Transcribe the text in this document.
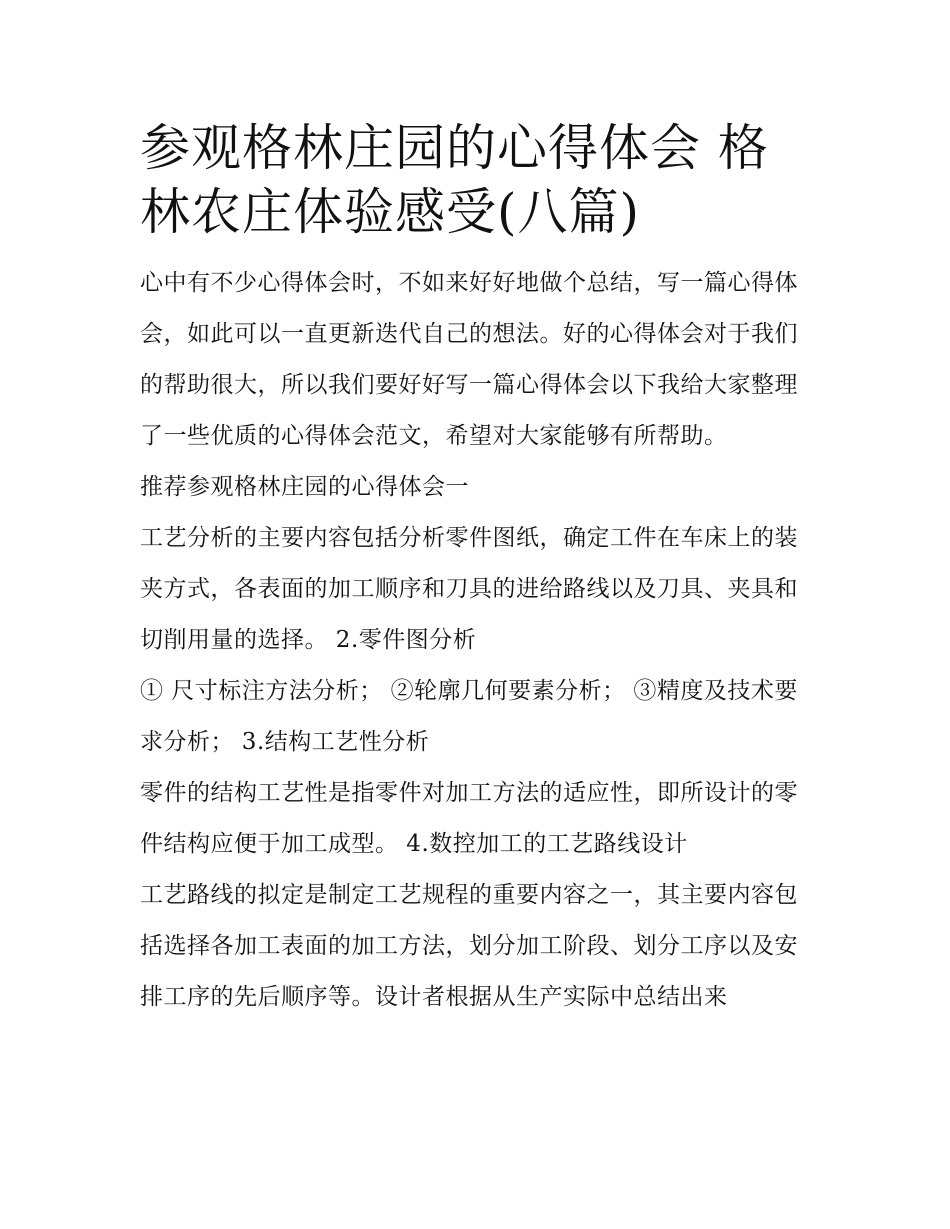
参观格林庄园的心得体会 格林农庄体验感受(八篇)

心中有不少心得体会时，不如来好好地做个总结，写一篇心得体会，如此可以一直更新迭代自己的想法。好的心得体会对于我们的帮助很大，所以我们要好好写一篇心得体会以下我给大家整理了一些优质的心得体会范文，希望对大家能够有所帮助。

推荐参观格林庄园的心得体会一

工艺分析的主要内容包括分析零件图纸，确定工件在车床上的装夹方式，各表面的加工顺序和刀具的进给路线以及刀具、夹具和切削用量的选择。 2.零件图分析

① 尺寸标注方法分析； ②轮廓几何要素分析； ③精度及技术要求分析； 3.结构工艺性分析

零件的结构工艺性是指零件对加工方法的适应性，即所设计的零件结构应便于加工成型。 4.数控加工的工艺路线设计

工艺路线的拟定是制定工艺规程的重要内容之一，其主要内容包括选择各加工表面的加工方法，划分加工阶段、划分工序以及安排工序的先后顺序等。设计者根据从生产实际中总结出来
